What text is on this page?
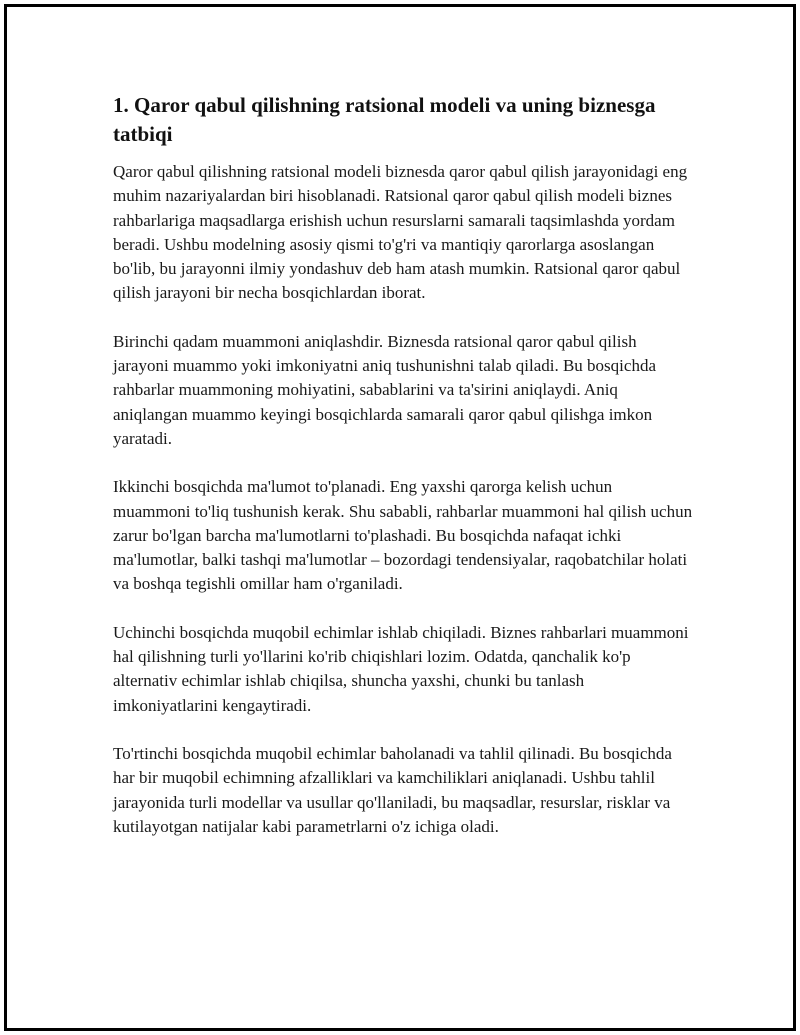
1. Qaror qabul qilishning ratsional modeli va uning biznesga tatbiqi

Qaror qabul qilishning ratsional modeli biznesda qaror qabul qilish jarayonidagi eng muhim nazariyalardan biri hisoblanadi. Ratsional qaror qabul qilish modeli biznes rahbarlariga maqsadlarga erishish uchun resurslarni samarali taqsimlashda yordam beradi. Ushbu modelning asosiy qismi to'g'ri va mantiqiy qarorlarga asoslangan bo'lib, bu jarayonni ilmiy yondashuv deb ham atash mumkin. Ratsional qaror qabul qilish jarayoni bir necha bosqichlardan iborat.

Birinchi qadam muammoni aniqlashdir. Biznesda ratsional qaror qabul qilish jarayoni muammo yoki imkoniyatni aniq tushunishni talab qiladi. Bu bosqichda rahbarlar muammoning mohiyatini, sabablarini va ta'sirini aniqlaydi. Aniq aniqlangan muammo keyingi bosqichlarda samarali qaror qabul qilishga imkon yaratadi.

Ikkinchi bosqichda ma'lumot to'planadi. Eng yaxshi qarorga kelish uchun muammoni to'liq tushunish kerak. Shu sababli, rahbarlar muammoni hal qilish uchun zarur bo'lgan barcha ma'lumotlarni to'plashadi. Bu bosqichda nafaqat ichki ma'lumotlar, balki tashqi ma'lumotlar – bozordagi tendensiyalar, raqobatchilar holati va boshqa tegishli omillar ham o'rganiladi.

Uchinchi bosqichda muqobil echimlar ishlab chiqiladi. Biznes rahbarlari muammoni hal qilishning turli yo'llarini ko'rib chiqishlari lozim. Odatda, qanchalik ko'p alternativ echimlar ishlab chiqilsa, shuncha yaxshi, chunki bu tanlash imkoniyatlarini kengaytiradi.

To'rtinchi bosqichda muqobil echimlar baholanadi va tahlil qilinadi. Bu bosqichda har bir muqobil echimning afzalliklari va kamchiliklari aniqlanadi. Ushbu tahlil jarayonida turli modellar va usullar qo'llaniladi, bu maqsadlar, resurslar, risklar va kutilayotgan natijalar kabi parametrlarni o'z ichiga oladi.
